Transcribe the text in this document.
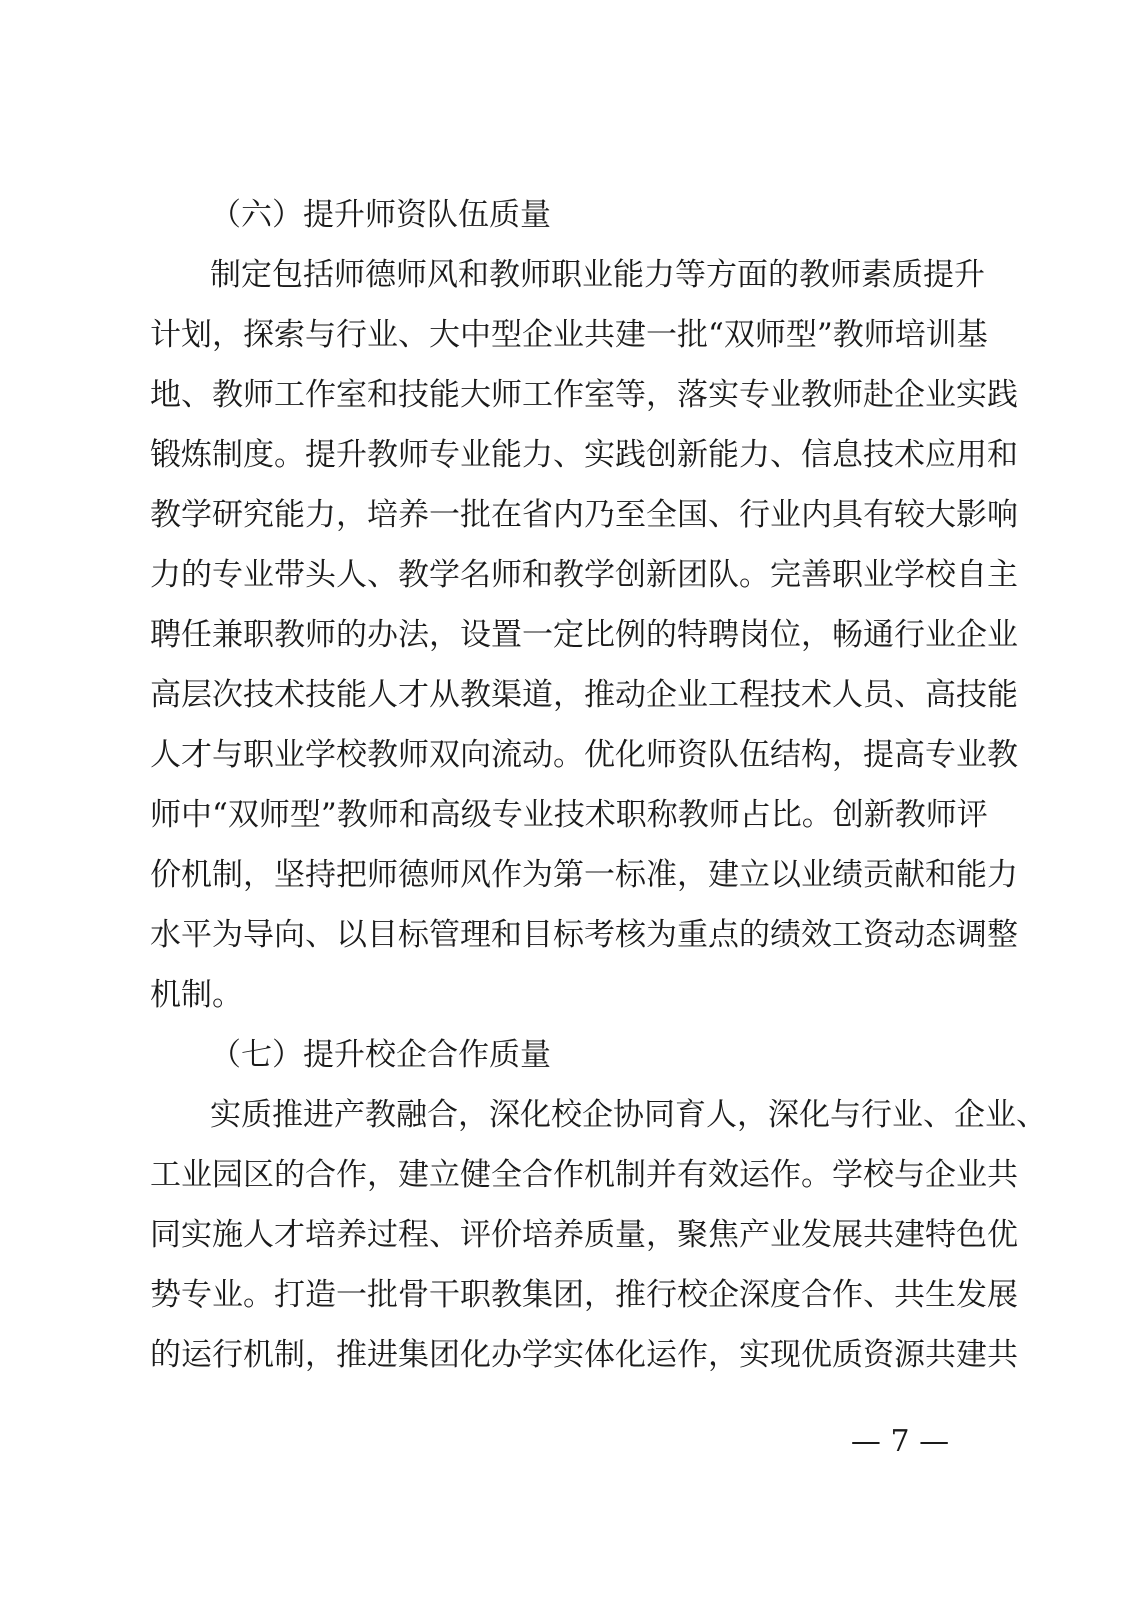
（六）提升师资队伍质量
制定包括师德师风和教师职业能力等方面的教师素质提升
计划，探索与行业、大中型企业共建一批“双师型”教师培训基
地、教师工作室和技能大师工作室等，落实专业教师赴企业实践
锻炼制度。提升教师专业能力、实践创新能力、信息技术应用和
教学研究能力，培养一批在省内乃至全国、行业内具有较大影响
力的专业带头人、教学名师和教学创新团队。完善职业学校自主
聘任兼职教师的办法，设置一定比例的特聘岗位，畅通行业企业
高层次技术技能人才从教渠道，推动企业工程技术人员、高技能
人才与职业学校教师双向流动。优化师资队伍结构，提高专业教
师中“双师型”教师和高级专业技术职称教师占比。创新教师评
价机制，坚持把师德师风作为第一标准，建立以业绩贡献和能力
水平为导向、以目标管理和目标考核为重点的绩效工资动态调整
机制。
（七）提升校企合作质量
实质推进产教融合，深化校企协同育人，深化与行业、企业、
工业园区的合作，建立健全合作机制并有效运作。学校与企业共
同实施人才培养过程、评价培养质量，聚焦产业发展共建特色优
势专业。打造一批骨干职教集团，推行校企深度合作、共生发展
的运行机制，推进集团化办学实体化运作，实现优质资源共建共
— 7 —
